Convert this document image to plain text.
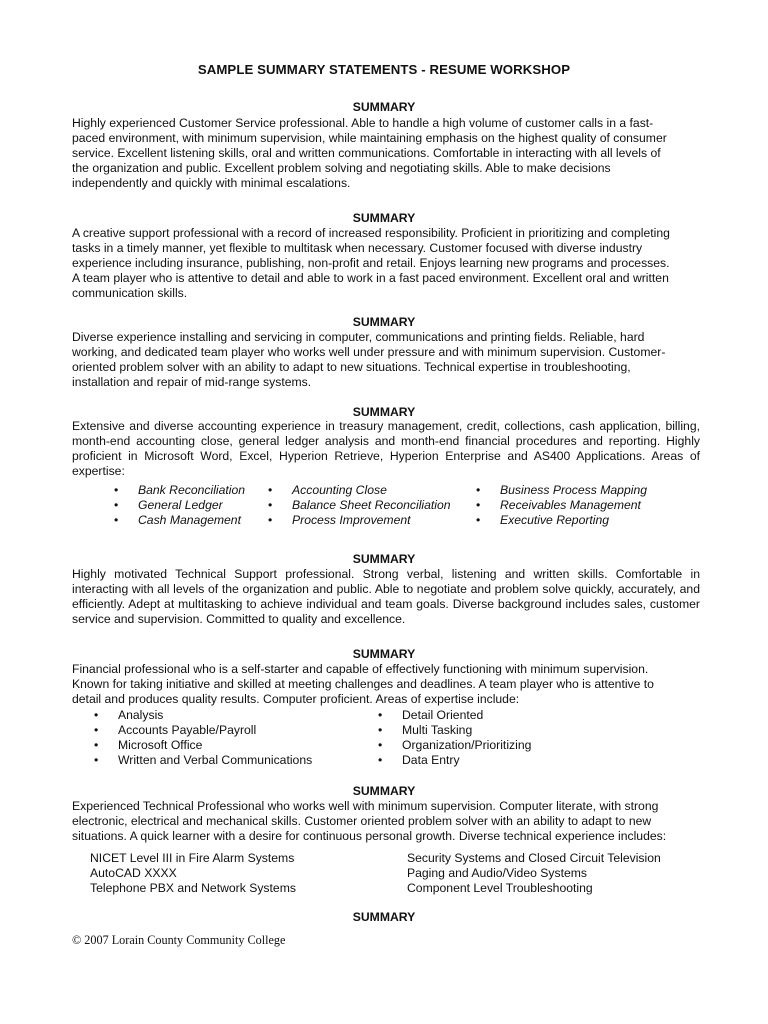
SAMPLE SUMMARY STATEMENTS - RESUME WORKSHOP
SUMMARY

Highly experienced Customer Service professional. Able to handle a high volume of customer calls in a fast-
paced environment, with minimum supervision, while maintaining emphasis on the highest quality of consumer
service. Excellent listening skills, oral and written communications. Comfortable in interacting with all levels of
the organization and public. Excellent problem solving and negotiating skills. Able to make decisions
independently and quickly with minimal escalations.

SUMMARY

A creative support professional with a record of increased responsibility. Proficient in prioritizing and completing
tasks in a timely manner, yet flexible to multitask when necessary. Customer focused with diverse industry
experience including insurance, publishing, non-profit and retail. Enjoys learning new programs and processes.
A team player who is attentive to detail and able to work in a fast paced environment. Excellent oral and written
communication skills.

SUMMARY

Diverse experience installing and servicing in computer, communications and printing fields. Reliable, hard
working, and dedicated team player who works well under pressure and with minimum supervision. Customer-
oriented problem solver with an ability to adapt to new situations. Technical expertise in troubleshooting,
installation and repair of mid-range systems.

SUMMARY

Extensive and diverse accounting experience in treasury management, credit, collections, cash application, billing, month-end accounting close, general ledger analysis and month-end financial procedures and reporting. Highly proficient in Microsoft Word, Excel, Hyperion Retrieve, Hyperion Enterprise and AS400 Applications. Areas of expertise:

• Bank Reconciliation
• General Ledger
• Cash Management
• Accounting Close
• Balance Sheet Reconciliation
• Process Improvement
• Business Process Mapping
• Receivables Management
• Executive Reporting
SUMMARY

Highly motivated Technical Support professional. Strong verbal, listening and written skills. Comfortable in interacting with all levels of the organization and public. Able to negotiate and problem solve quickly, accurately, and efficiently. Adept at multitasking to achieve individual and team goals. Diverse background includes sales, customer service and supervision. Committed to quality and excellence.

SUMMARY

Financial professional who is a self-starter and capable of effectively functioning with minimum supervision.
Known for taking initiative and skilled at meeting challenges and deadlines. A team player who is attentive to
detail and produces quality results. Computer proficient. Areas of expertise include:

• Analysis
• Accounts Payable/Payroll
• Microsoft Office
• Written and Verbal Communications
• Detail Oriented
• Multi Tasking
• Organization/Prioritizing
• Data Entry
SUMMARY

Experienced Technical Professional who works well with minimum supervision. Computer literate, with strong
electronic, electrical and mechanical skills. Customer oriented problem solver with an ability to adapt to new
situations. A quick learner with a desire for continuous personal growth. Diverse technical experience includes:

NICET Level III in Fire Alarm Systems
AutoCAD XXXX
Telephone PBX and Network Systems
Security Systems and Closed Circuit Television
Paging and Audio/Video Systems
Component Level Troubleshooting
SUMMARY
© 2007 Lorain County Community College
